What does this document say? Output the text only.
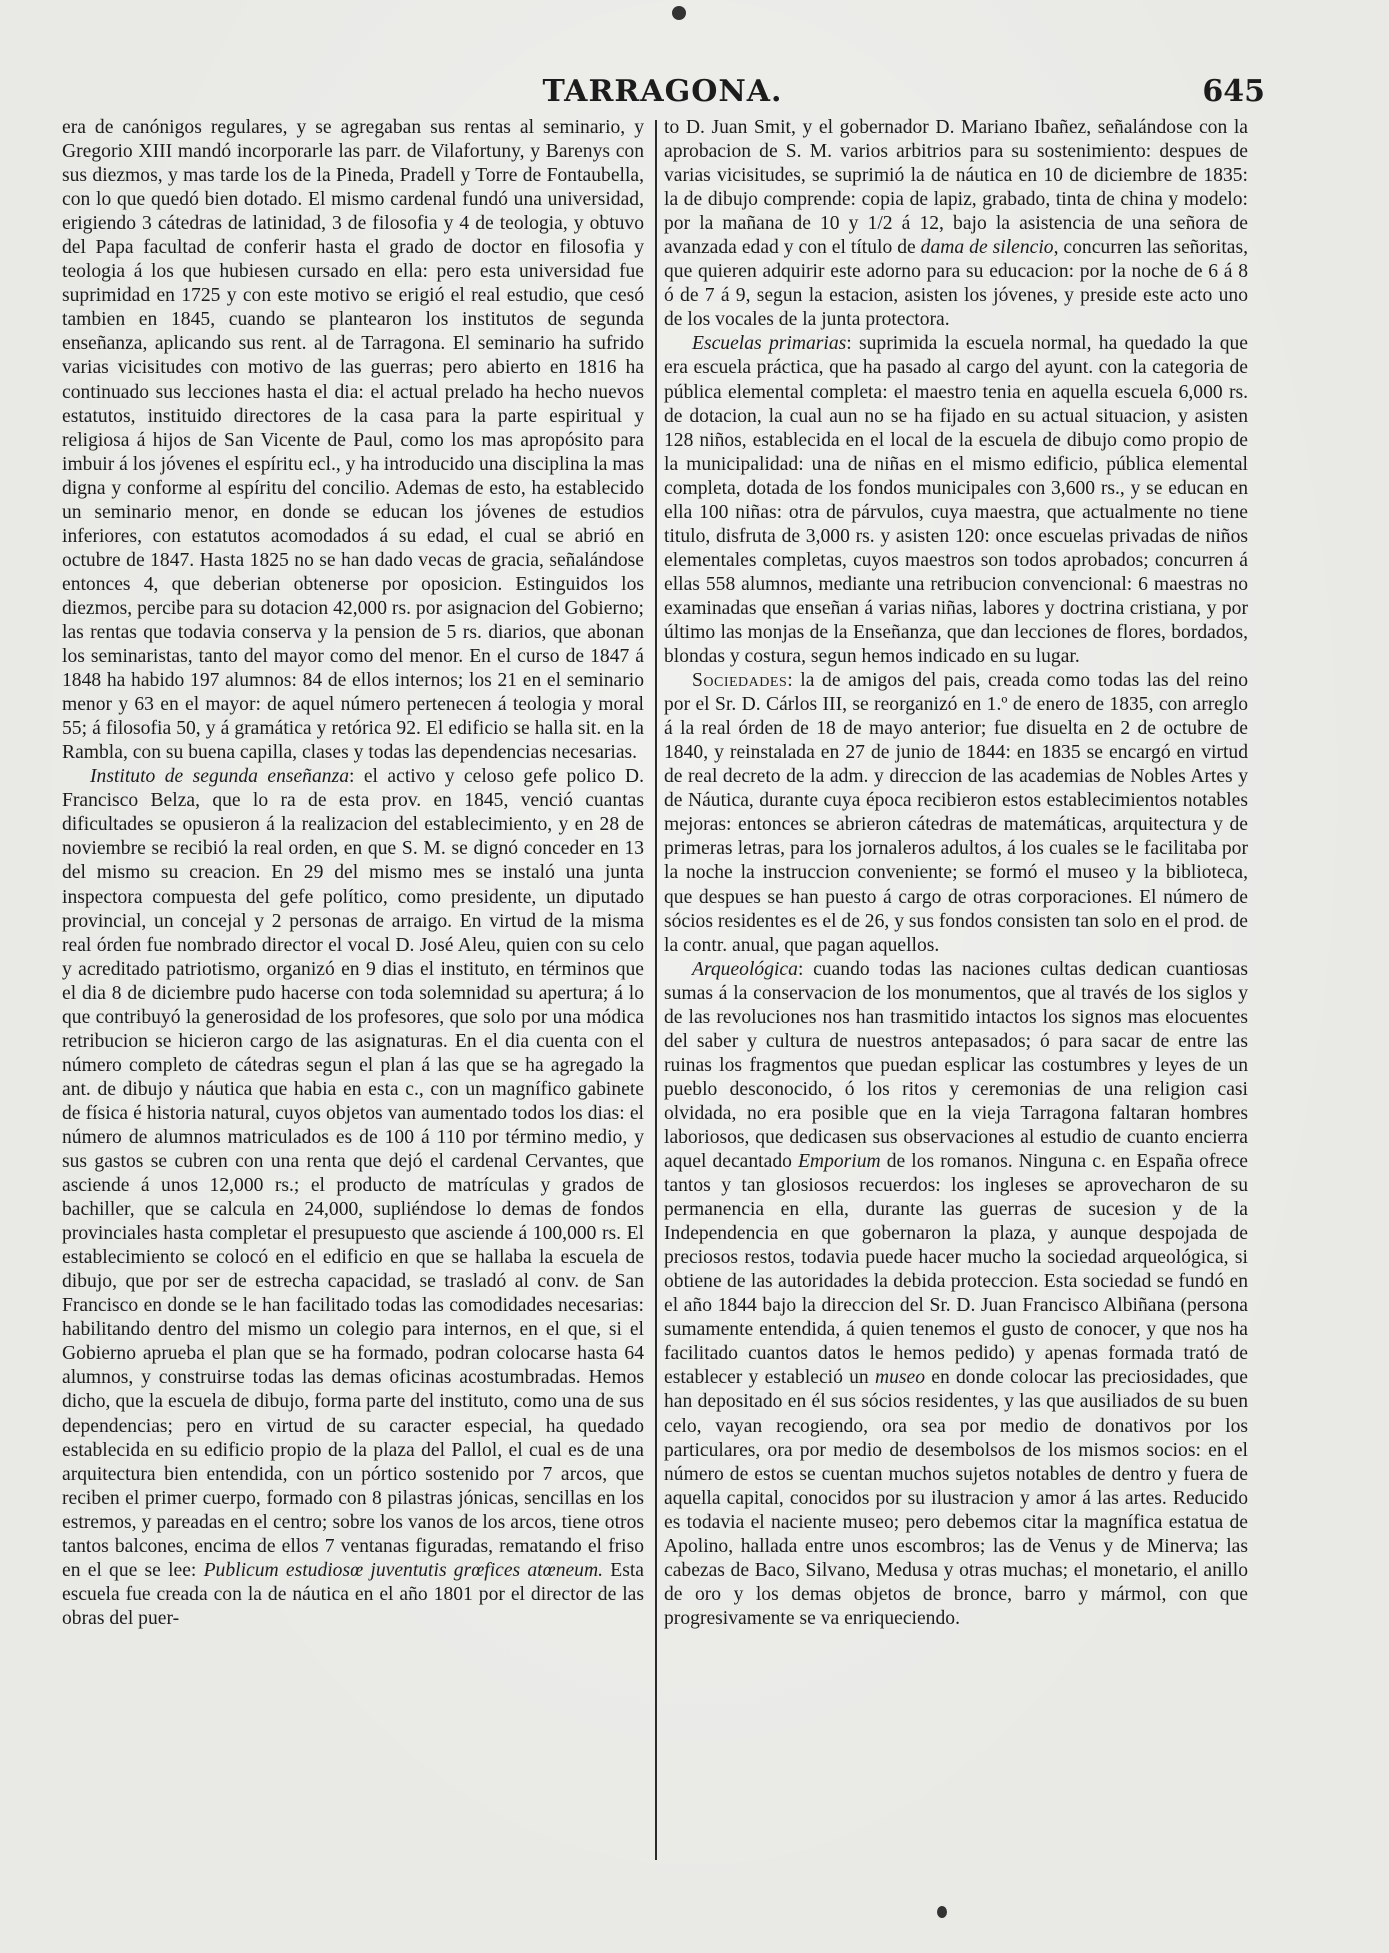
TARRAGONA.	645

era de canónigos regulares, y se agregaban sus rentas al seminario, y Gregorio XIII mandó incorporarle las parr. de Vilafortuny, y Barenys con sus diezmos, y mas tarde los de la Pineda, Pradell y Torre de Fontaubella, con lo que quedó bien dotado. El mismo cardenal fundó una universidad, erigiendo 3 cátedras de latinidad, 3 de filosofia y 4 de teologia, y obtuvo del Papa facultad de conferir hasta el grado de doctor en filosofia y teologia á los que hubiesen cursado en ella: pero esta universidad fue suprimidad en 1725 y con este motivo se erigió el real estudio, que cesó tambien en 1845, cuando se plantearon los institutos de segunda enseñanza, aplicando sus rent. al de Tarragona. El seminario ha sufrido varias vicisitudes con motivo de las guerras; pero abierto en 1816 ha continuado sus lecciones hasta el dia: el actual prelado ha hecho nuevos estatutos, instituido directores de la casa para la parte espiritual y religiosa á hijos de San Vicente de Paul, como los mas apropósito para imbuir á los jóvenes el espíritu ecl., y ha introducido una disciplina la mas digna y conforme al espíritu del concilio. Ademas de esto, ha establecido un seminario menor, en donde se educan los jóvenes de estudios inferiores, con estatutos acomodados á su edad, el cual se abrió en octubre de 1847. Hasta 1825 no se han dado vecas de gracia, señalándose entonces 4, que deberian obtenerse por oposicion. Estinguidos los diezmos, percibe para su dotacion 42,000 rs. por asignacion del Gobierno; las rentas que todavia conserva y la pension de 5 rs. diarios, que abonan los seminaristas, tanto del mayor como del menor. En el curso de 1847 á 1848 ha habido 197 alumnos: 84 de ellos internos; los 21 en el seminario menor y 63 en el mayor: de aquel número pertenecen á teologia y moral 55; á filosofia 50, y á gramática y retórica 92. El edificio se halla sit. en la Rambla, con su buena capilla, clases y todas las dependencias necesarias.

Instituto de segunda enseñanza: el activo y celoso gefe polico D. Francisco Belza, que lo ra de esta prov. en 1845, venció cuantas dificultades se opusieron á la realizacion del establecimiento, y en 28 de noviembre se recibió la real orden, en que S. M. se dignó conceder en 13 del mismo su creacion. En 29 del mismo mes se instaló una junta inspectora compuesta del gefe político, como presidente, un diputado provincial, un concejal y 2 personas de arraigo. En virtud de la misma real órden fue nombrado director el vocal D. José Aleu, quien con su celo y acreditado patriotismo, organizó en 9 dias el instituto, en términos que el dia 8 de diciembre pudo hacerse con toda solemnidad su apertura; á lo que contribuyó la generosidad de los profesores, que solo por una módica retribucion se hicieron cargo de las asignaturas. En el dia cuenta con el número completo de cátedras segun el plan á las que se ha agregado la ant. de dibujo y náutica que habia en esta c., con un magnífico gabinete de física é historia natural, cuyos objetos van aumentado todos los dias: el número de alumnos matriculados es de 100 á 110 por término medio, y sus gastos se cubren con una renta que dejó el cardenal Cervantes, que asciende á unos 12,000 rs.; el producto de matrículas y grados de bachiller, que se calcula en 24,000, supliéndose lo demas de fondos provinciales hasta completar el presupuesto que asciende á 100,000 rs. El establecimiento se colocó en el edificio en que se hallaba la escuela de dibujo, que por ser de estrecha capacidad, se trasladó al conv. de San Francisco en donde se le han facilitado todas las comodidades necesarias: habilitando dentro del mismo un colegio para internos, en el que, si el Gobierno aprueba el plan que se ha formado, podran colocarse hasta 64 alumnos, y construirse todas las demas oficinas acostumbradas. Hemos dicho, que la escuela de dibujo, forma parte del instituto, como una de sus dependencias; pero en virtud de su caracter especial, ha quedado establecida en su edificio propio de la plaza del Pallol, el cual es de una arquitectura bien entendida, con un pórtico sostenido por 7 arcos, que reciben el primer cuerpo, formado con 8 pilastras jónicas, sencillas en los estremos, y pareadas en el centro; sobre los vanos de los arcos, tiene otros tantos balcones, encima de ellos 7 ventanas figuradas, rematando el friso en el que se lee: Publicum estudiosœ juventutis grœfices atœneum. Esta escuela fue creada con la de náutica en el año 1801 por el director de las obras del puer-

to D. Juan Smit, y el gobernador D. Mariano Ibañez, señalándose con la aprobacion de S. M. varios arbitrios para su sostenimiento: despues de varias vicisitudes, se suprimió la de náutica en 10 de diciembre de 1835: la de dibujo comprende: copia de lapiz, grabado, tinta de china y modelo: por la mañana de 10 y 1/2 á 12, bajo la asistencia de una señora de avanzada edad y con el título de dama de silencio, concurren las señoritas, que quieren adquirir este adorno para su educacion: por la noche de 6 á 8 ó de 7 á 9, segun la estacion, asisten los jóvenes, y preside este acto uno de los vocales de la junta protectora.

Escuelas primarias: suprimida la escuela normal, ha quedado la que era escuela práctica, que ha pasado al cargo del ayunt. con la categoria de pública elemental completa: el maestro tenia en aquella escuela 6,000 rs. de dotacion, la cual aun no se ha fijado en su actual situacion, y asisten 128 niños, establecida en el local de la escuela de dibujo como propio de la municipalidad: una de niñas en el mismo edificio, pública elemental completa, dotada de los fondos municipales con 3,600 rs., y se educan en ella 100 niñas: otra de párvulos, cuya maestra, que actualmente no tiene titulo, disfruta de 3,000 rs. y asisten 120: once escuelas privadas de niños elementales completas, cuyos maestros son todos aprobados; concurren á ellas 558 alumnos, mediante una retribucion convencional: 6 maestras no examinadas que enseñan á varias niñas, labores y doctrina cristiana, y por último las monjas de la Enseñanza, que dan lecciones de flores, bordados, blondas y costura, segun hemos indicado en su lugar.

Sociedades: la de amigos del pais, creada como todas las del reino por el Sr. D. Cárlos III, se reorganizó en 1.º de enero de 1835, con arreglo á la real órden de 18 de mayo anterior; fue disuelta en 2 de octubre de 1840, y reinstalada en 27 de junio de 1844: en 1835 se encargó en virtud de real decreto de la adm. y direccion de las academias de Nobles Artes y de Náutica, durante cuya época recibieron estos establecimientos notables mejoras: entonces se abrieron cátedras de matemáticas, arquitectura y de primeras letras, para los jornaleros adultos, á los cuales se le facilitaba por la noche la instruccion conveniente; se formó el museo y la biblioteca, que despues se han puesto á cargo de otras corporaciones. El número de sócios residentes es el de 26, y sus fondos consisten tan solo en el prod. de la contr. anual, que pagan aquellos.

Arqueológica: cuando todas las naciones cultas dedican cuantiosas sumas á la conservacion de los monumentos, que al través de los siglos y de las revoluciones nos han trasmitido intactos los signos mas elocuentes del saber y cultura de nuestros antepasados; ó para sacar de entre las ruinas los fragmentos que puedan esplicar las costumbres y leyes de un pueblo desconocido, ó los ritos y ceremonias de una religion casi olvidada, no era posible que en la vieja Tarragona faltaran hombres laboriosos, que dedicasen sus observaciones al estudio de cuanto encierra aquel decantado Emporium de los romanos. Ninguna c. en España ofrece tantos y tan glosiosos recuerdos: los ingleses se aprovecharon de su permanencia en ella, durante las guerras de sucesion y de la Independencia en que gobernaron la plaza, y aunque despojada de preciosos restos, todavia puede hacer mucho la sociedad arqueológica, si obtiene de las autoridades la debida proteccion. Esta sociedad se fundó en el año 1844 bajo la direccion del Sr. D. Juan Francisco Albiñana (persona sumamente entendida, á quien tenemos el gusto de conocer, y que nos ha facilitado cuantos datos le hemos pedido) y apenas formada trató de establecer y estableció un museo en donde colocar las preciosidades, que han depositado en él sus sócios residentes, y las que ausiliados de su buen celo, vayan recogiendo, ora sea por medio de donativos por los particulares, ora por medio de desembolsos de los mismos socios: en el número de estos se cuentan muchos sujetos notables de dentro y fuera de aquella capital, conocidos por su ilustracion y amor á las artes. Reducido es todavia el naciente museo; pero debemos citar la magnífica estatua de Apolino, hallada entre unos escombros; las de Venus y de Minerva; las cabezas de Baco, Silvano, Medusa y otras muchas; el monetario, el anillo de oro y los demas objetos de bronce, barro y mármol, con que progresivamente se va enriqueciendo.
